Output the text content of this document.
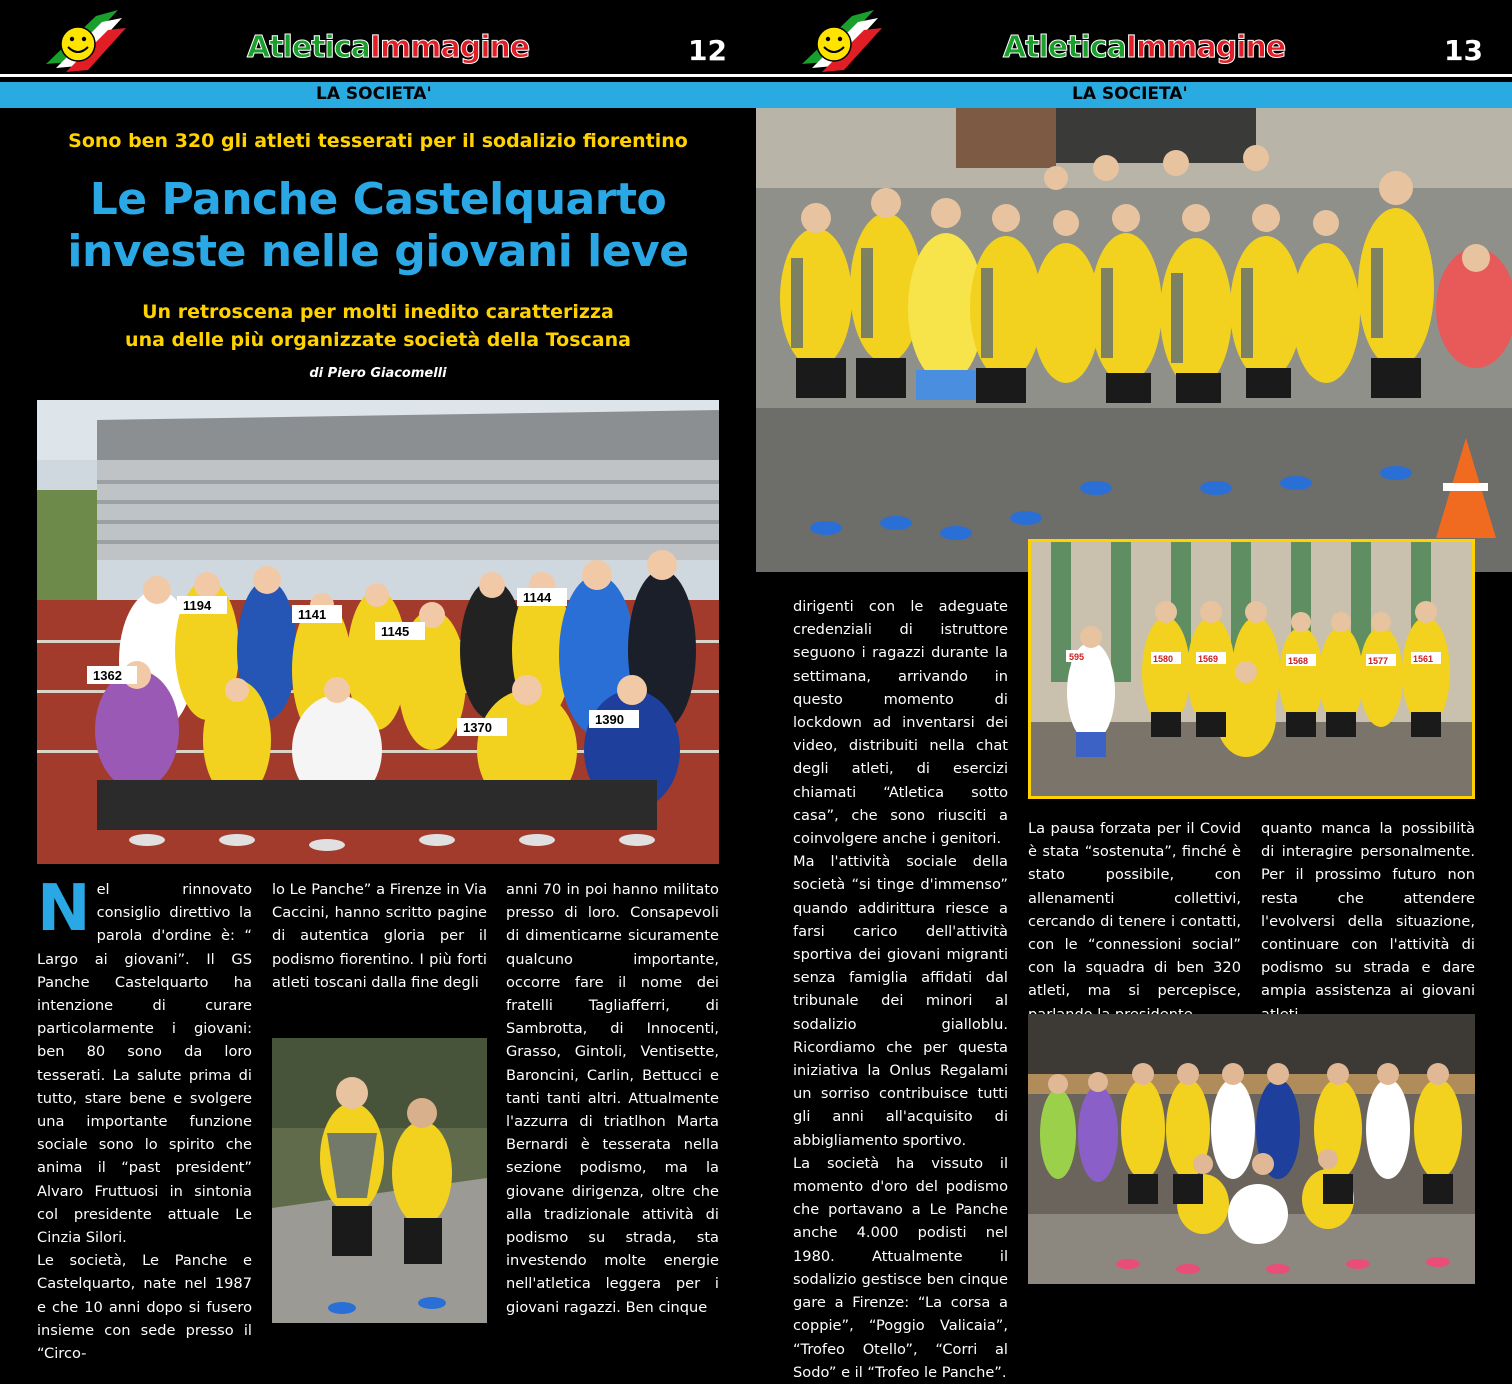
AtleticaImmagine	12
LA SOCIETA'
Sono ben 320 gli atleti tesserati per il sodalizio fiorentino
Le Panche Castelquarto
investe nelle giovani leve
Un retroscena per molti inedito caratterizza
una delle più organizzate società della Toscana
di Piero Giacomelli
1194
1141
1144
1145
1362
1370
1390

Nel rinnovato consiglio direttivo la parola d'ordine è: “ Largo ai giovani”. Il GS Panche Castelquarto ha intenzione di curare particolarmente i giovani: ben 80 sono da loro tesserati. La salute prima di tutto, stare bene e svolgere una importante funzione sociale sono lo spirito che anima il “past president” Alvaro Fruttuosi in sintonia col presidente attuale Le Cinzia Silori.

Le società, Le Panche e Castelquarto, nate nel 1987 e che 10 anni dopo si fusero insieme con sede presso il “Circo-

lo Le Panche” a Firenze in Via Caccini, hanno scritto pagine di autentica gloria per il podismo fiorentino. I più forti atleti toscani dalla fine degli
anni 70 in poi hanno militato presso di loro. Consapevoli di dimenticarne sicuramente qualcuno importante, occorre fare il nome dei fratelli Tagliafferri, di Sambrotta, di Innocenti, Grasso, Gintoli, Ventisette, Baroncini, Carlin, Bettucci e tanti tanti altri. Attualmente l'azzurra di triatlhon Marta Bernardi è tesserata nella sezione podismo, ma la giovane dirigenza, oltre che alla tradizionale attività di podismo su strada, sta investendo molte energie nell'atletica leggera per i giovani ragazzi. Ben cinque
AtleticaImmagine	13
LA SOCIETA'
595	1580	1569	1568	1577	1561

dirigenti con le adeguate credenziali di istruttore seguono i ragazzi durante la settimana, arrivando in questo momento di lockdown ad inventarsi dei video, distribuiti nella chat degli atleti, di esercizi chiamati “Atletica sotto casa”, che sono riusciti a coinvolgere anche i genitori.

Ma l'attività sociale della società “si tinge d'immenso” quando addirittura riesce a farsi carico dell'attività sportiva dei giovani migranti senza famiglia affidati dal tribunale dei minori al sodalizio gialloblu. Ricordiamo che per questa iniziativa la Onlus Regalami un sorriso contribuisce tutti gli anni all'acquisito di abbigliamento sportivo.

La società ha vissuto il momento d'oro del podismo che portavano a Le Panche anche 4.000 podisti nel 1980. Attualmente il sodalizio gestisce ben cinque gare a Firenze: “La corsa a coppie”, “Poggio Valicaia”, “Trofeo Otello”, “Corri al Sodo” e il “Trofeo le Panche”.

La pausa forzata per il Covid è stata “sostenuta”, finché è stato possibile, con allenamenti collettivi, cercando di tenere i contatti, con le “connessioni social” con la squadra di ben 320 atleti, ma si percepisce,
quanto manca la possibilità di interagire personalmente. Per il prossimo futuro non resta che attendere l'evolversi della situazione, continuare con l'attività di podismo su strada e dare ampia assistenza ai giovani
